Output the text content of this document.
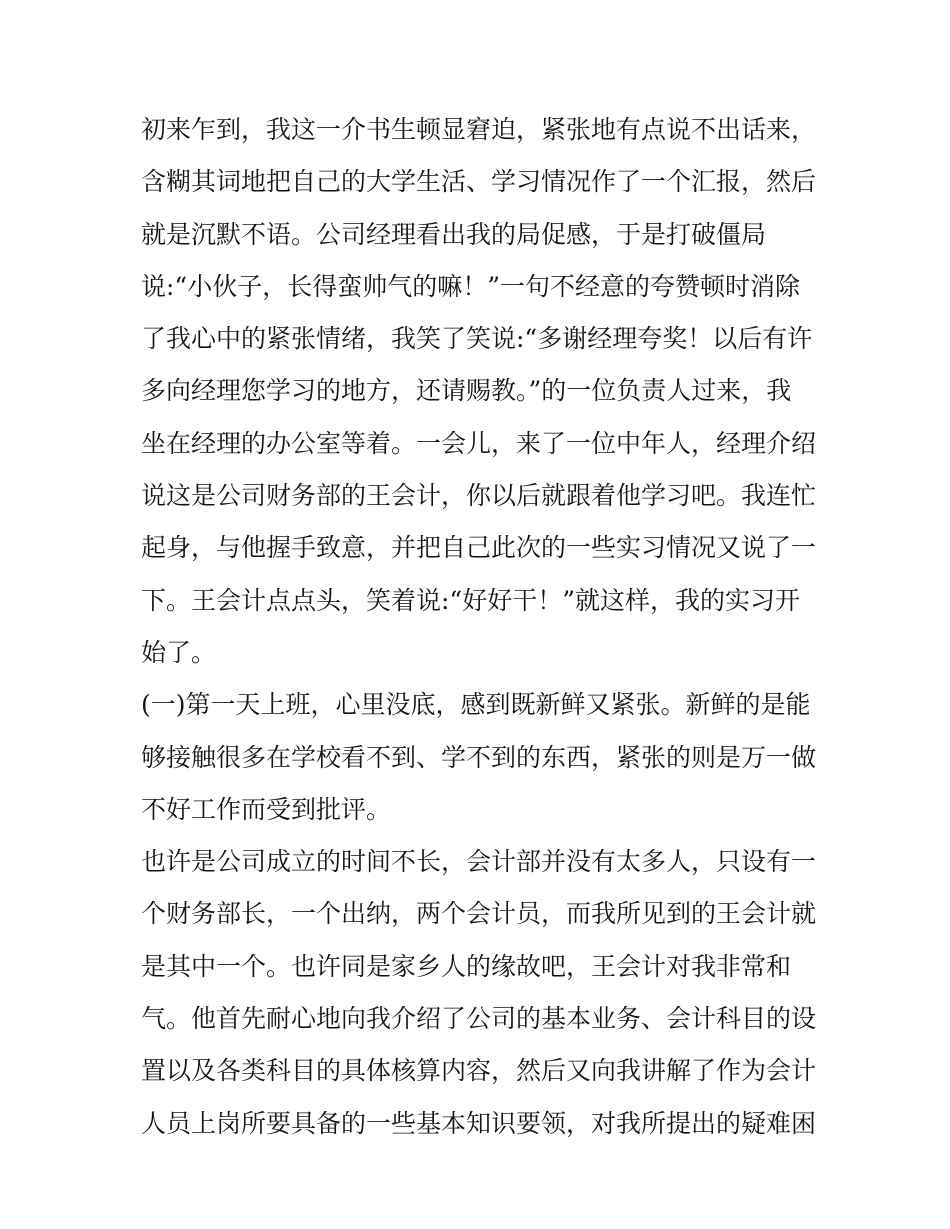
初来乍到，我这一介书生顿显窘迫，紧张地有点说不出话来，
含糊其词地把自己的大学生活、学习情况作了一个汇报，然后
就是沉默不语。公司经理看出我的局促感，于是打破僵局
说:“小伙子，长得蛮帅气的嘛！”一句不经意的夸赞顿时消除
了我心中的紧张情绪，我笑了笑说:“多谢经理夸奖！以后有许
多向经理您学习的地方，还请赐教。”的一位负责人过来，我
坐在经理的办公室等着。一会儿，来了一位中年人，经理介绍
说这是公司财务部的王会计，你以后就跟着他学习吧。我连忙
起身，与他握手致意，并把自己此次的一些实习情况又说了一
下。王会计点点头，笑着说:“好好干！”就这样，我的实习开
始了。
(一)第一天上班，心里没底，感到既新鲜又紧张。新鲜的是能
够接触很多在学校看不到、学不到的东西，紧张的则是万一做
不好工作而受到批评。
也许是公司成立的时间不长，会计部并没有太多人，只设有一
个财务部长，一个出纳，两个会计员，而我所见到的王会计就
是其中一个。也许同是家乡人的缘故吧，王会计对我非常和
气。他首先耐心地向我介绍了公司的基本业务、会计科目的设
置以及各类科目的具体核算内容，然后又向我讲解了作为会计
人员上岗所要具备的一些基本知识要领，对我所提出的疑难困
